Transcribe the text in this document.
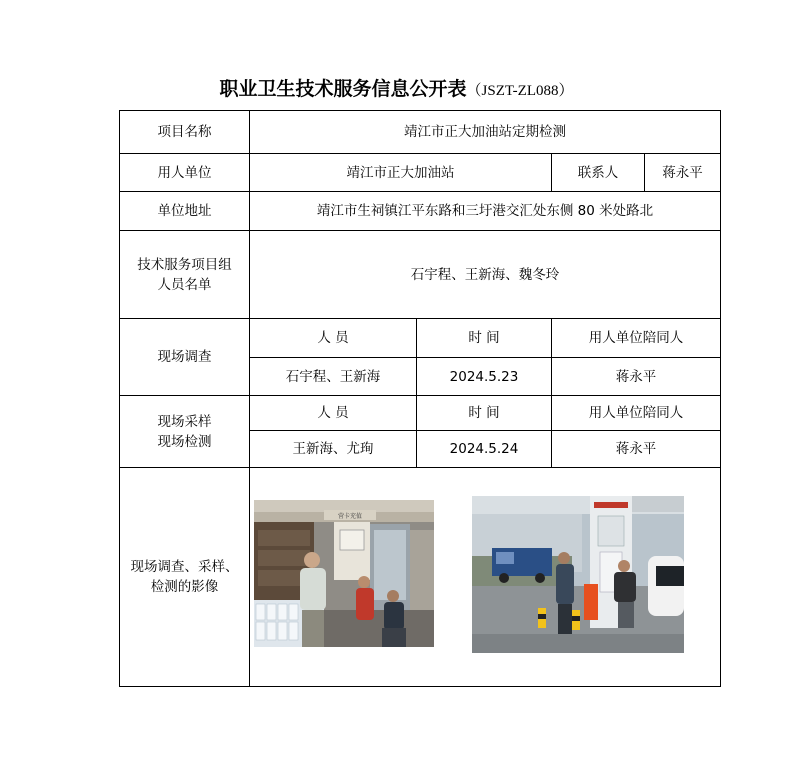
职业卫生技术服务信息公开表（JSZT-ZL088）
项目名称	靖江市正大加油站定期检测			
用人单位	靖江市正大加油站		联系人	蒋永平
单位地址	靖江市生祠镇江平东路和三圩港交汇处东侧 80 米处路北			

技术服务项目组
人员名单	石宇程、王新海、魏冬玲			
现场调查	人 员	时 间	用人单位陪同人	
	石宇程、王新海	2024.5.23	蒋永平	

现场采样
现场检测	人 员	时 间	用人单位陪同人	
	王新海、尤珣	2024.5.24	蒋永平	

现场调查、采样、
检测的影像	营卡充值			
